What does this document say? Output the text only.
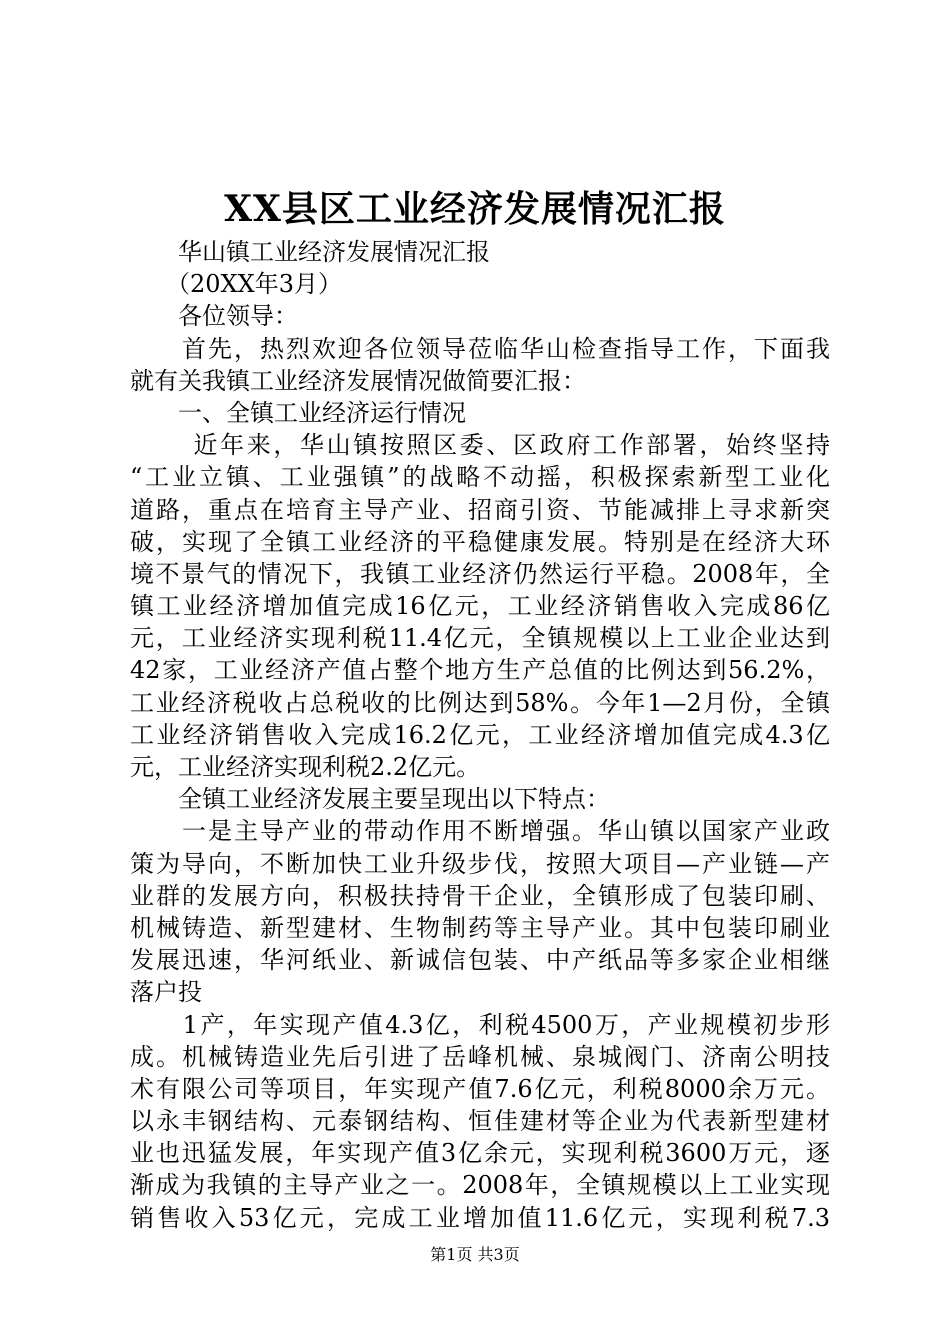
XX县区工业经济发展情况汇报
　　华山镇工业经济发展情况汇报
　　（20XX年3月）
　　各位领导：
　　首先，热烈欢迎各位领导莅临华山检查指导工作，下面我
就有关我镇工业经济发展情况做简要汇报：
　　一、全镇工业经济运行情况
　　 近年来，华山镇按照区委、区政府工作部署，始终坚持
“工业立镇、工业强镇”的战略不动摇，积极探索新型工业化
道路，重点在培育主导产业、招商引资、节能减排上寻求新突
破，实现了全镇工业经济的平稳健康发展。特别是在经济大环
境不景气的情况下，我镇工业经济仍然运行平稳。2008年，全
镇工业经济增加值完成16亿元，工业经济销售收入完成86亿
元，工业经济实现利税11.4亿元，全镇规模以上工业企业达到
42家，工业经济产值占整个地方生产总值的比例达到56.2%，
工业经济税收占总税收的比例达到58%。今年1—2月份，全镇
工业经济销售收入完成16.2亿元，工业经济增加值完成4.3亿
元，工业经济实现利税2.2亿元。
　　全镇工业经济发展主要呈现出以下特点：
　　一是主导产业的带动作用不断增强。华山镇以国家产业政
策为导向，不断加快工业升级步伐，按照大项目—产业链—产
业群的发展方向，积极扶持骨干企业，全镇形成了包装印刷、
机械铸造、新型建材、生物制药等主导产业。其中包装印刷业
发展迅速，华河纸业、新诚信包装、中产纸品等多家企业相继
落户投
　　1产，年实现产值4.3亿，利税4500万，产业规模初步形
成。机械铸造业先后引进了岳峰机械、泉城阀门、济南公明技
术有限公司等项目，年实现产值7.6亿元，利税8000余万元。
以永丰钢结构、元泰钢结构、恒佳建材等企业为代表新型建材
业也迅猛发展，年实现产值3亿余元，实现利税3600万元，逐
渐成为我镇的主导产业之一。2008年，全镇规模以上工业实现
销售收入53亿元，完成工业增加值11.6亿元，实现利税7.3
第1页 共3页
